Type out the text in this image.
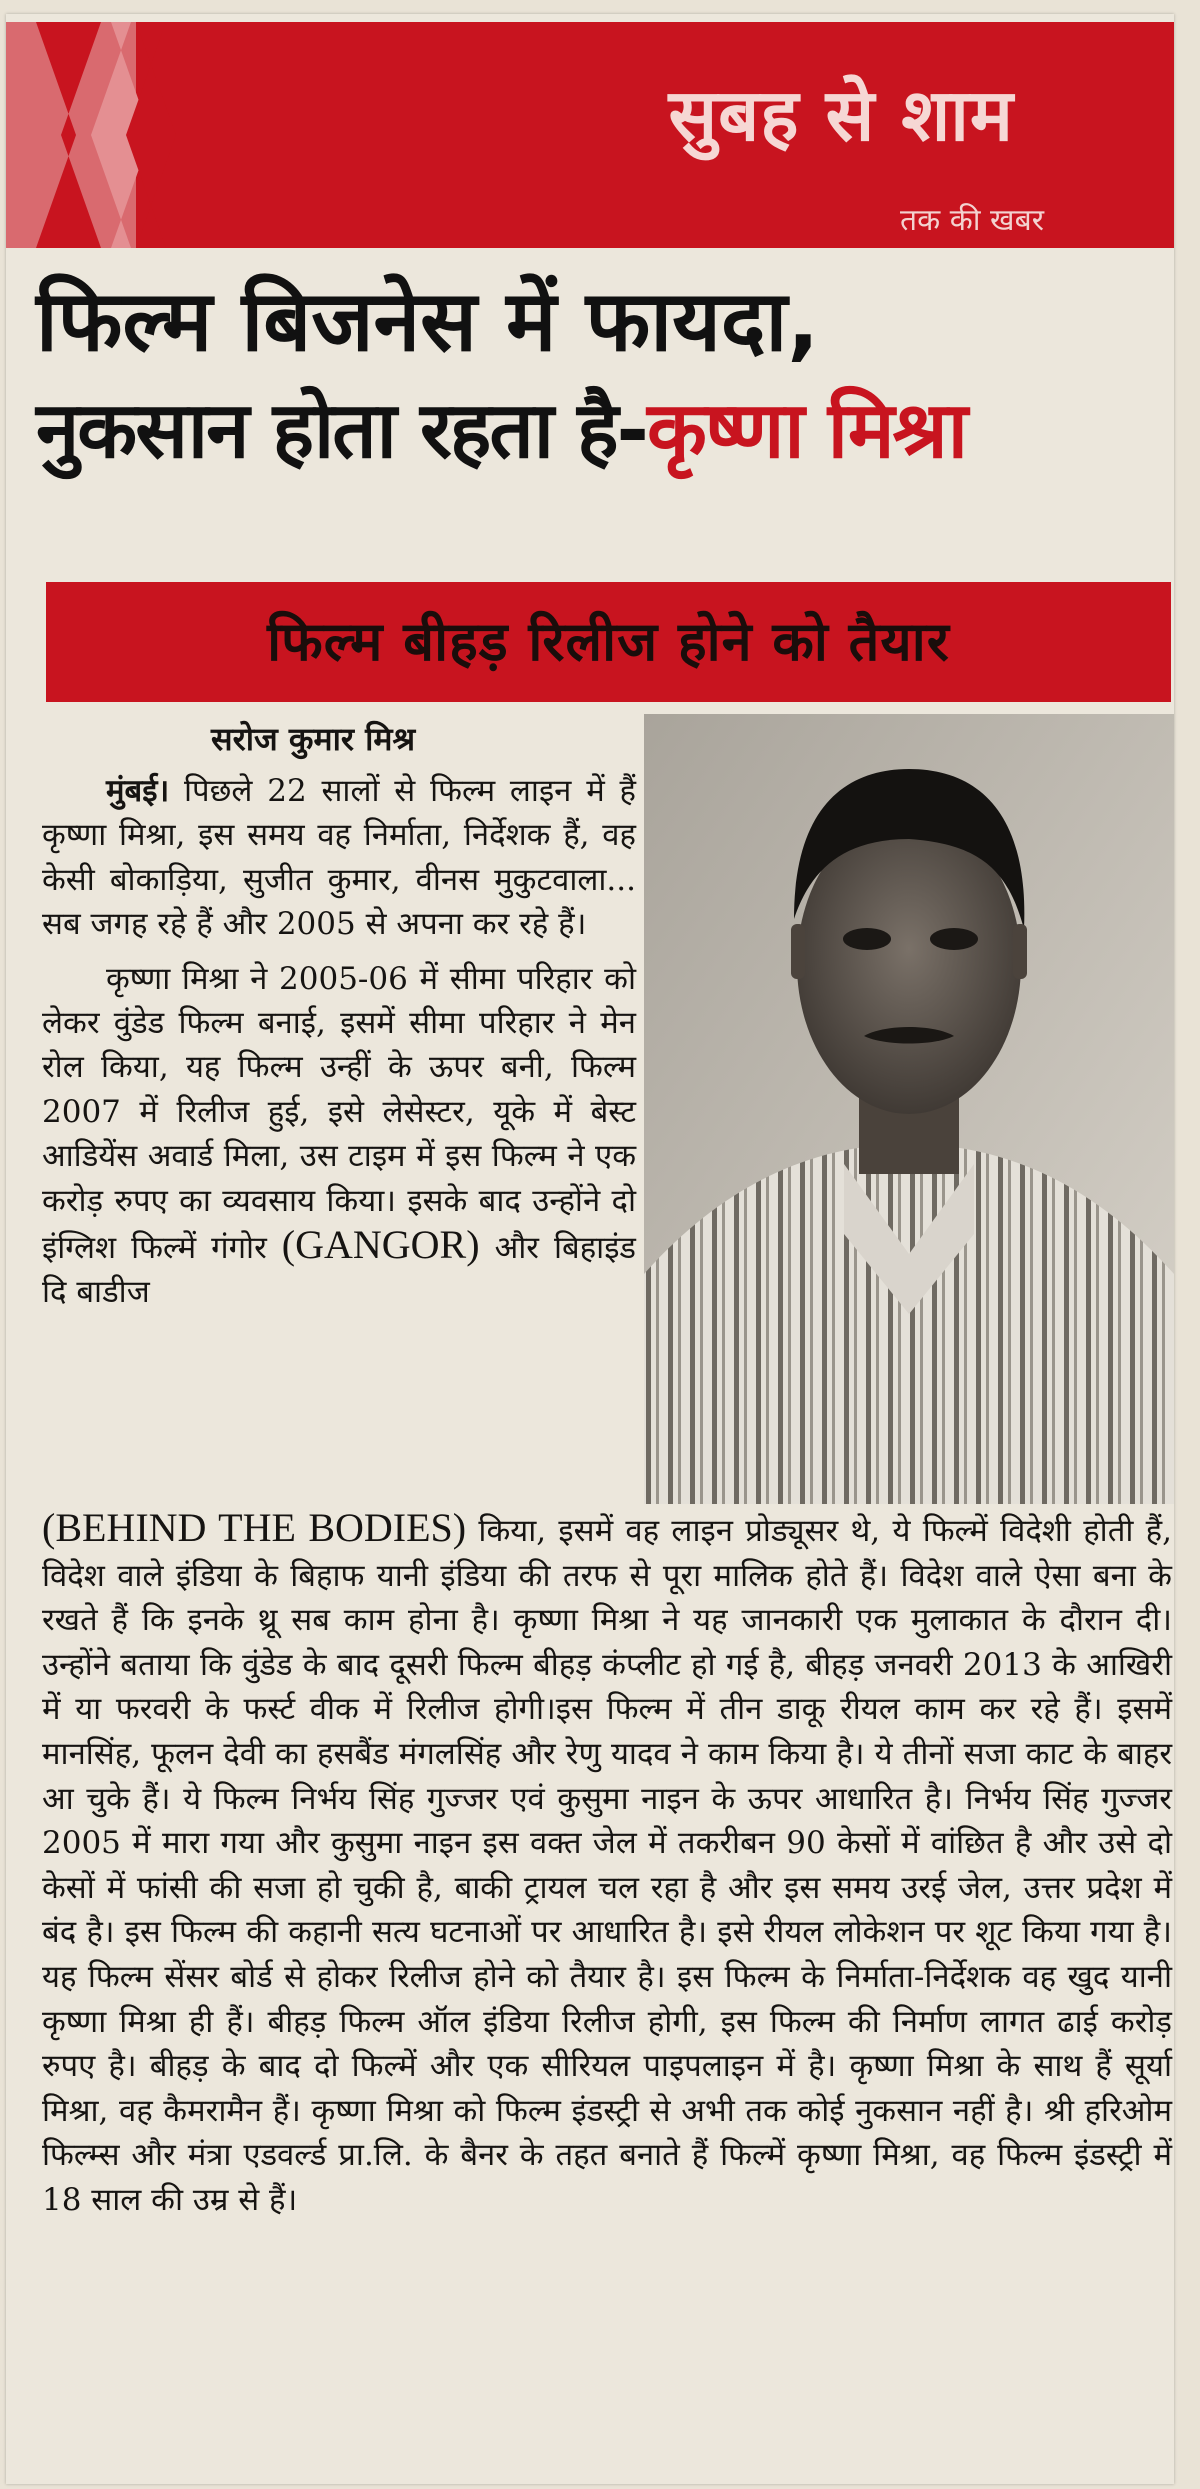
सुबह से शाम
तक की खबर
फिल्म बिजनेस में फायदा,
नुकसान होता रहता है-कृष्णा मिश्रा
फिल्म बीहड़ रिलीज होने को तैयार
सरोज कुमार मिश्र

मुंबई। पिछले 22 सालों से फिल्म लाइन में हैं कृष्णा मिश्रा, इस समय वह निर्माता, निर्देशक हैं, वह केसी बोकाड़िया, सुजीत कुमार, वीनस मुकुटवाला... सब जगह रहे हैं और 2005 से अपना कर रहे हैं।

कृष्णा मिश्रा ने 2005-06 में सीमा परिहार को लेकर वुंडेड फिल्म बनाई, इसमें सीमा परिहार ने मेन रोल किया, यह फिल्म उन्हीं के ऊपर बनी, फिल्म 2007 में रिलीज हुई, इसे लेसेस्टर, यूके में बेस्ट आडियेंस अवार्ड मिला, उस टाइम में इस फिल्म ने एक करोड़ रुपए का व्यवसाय किया। इसके बाद उन्होंने दो इंग्लिश फिल्में गंगोर (GANGOR) और बिहाइंड दि बाडीज

(BEHIND THE BODIES) किया, इसमें वह लाइन प्रोड्यूसर थे, ये फिल्में विदेशी होती हैं, विदेश वाले इंडिया के बिहाफ यानी इंडिया की तरफ से पूरा मालिक होते हैं। विदेश वाले ऐसा बना के रखते हैं कि इनके थ्रू सब काम होना है। कृष्णा मिश्रा ने यह जानकारी एक मुलाकात के दौरान दी। उन्होंने बताया कि वुंडेड के बाद दूसरी फिल्म बीहड़ कंप्लीट हो गई है, बीहड़ जनवरी 2013 के आखिरी में या फरवरी के फर्स्ट वीक में रिलीज होगी।इस फिल्म में तीन डाकू रीयल काम कर रहे हैं। इसमें मानसिंह, फूलन देवी का हसबैंड मंगलसिंह और रेणु यादव ने काम किया है। ये तीनों सजा काट के बाहर आ चुके हैं। ये फिल्म निर्भय सिंह गुज्जर एवं कुसुमा नाइन के ऊपर आधारित है। निर्भय सिंह गुज्जर 2005 में मारा गया और कुसुमा नाइन इस वक्त जेल में तकरीबन 90 केसों में वांछित है और उसे दो केसों में फांसी की सजा हो चुकी है, बाकी ट्रायल चल रहा है और इस समय उरई जेल, उत्तर प्रदेश में बंद है। इस फिल्म की कहानी सत्य घटनाओं पर आधारित है। इसे रीयल लोकेशन पर शूट किया गया है। यह फिल्म सेंसर बोर्ड से होकर रिलीज होने को तैयार है। इस फिल्म के निर्माता-निर्देशक वह खुद यानी कृष्णा मिश्रा ही हैं। बीहड़ फिल्म ऑल इंडिया रिलीज होगी, इस फिल्म की निर्माण लागत ढाई करोड़ रुपए है। बीहड़ के बाद दो फिल्में और एक सीरियल पाइपलाइन में है। कृष्णा मिश्रा के साथ हैं सूर्या मिश्रा, वह कैमरामैन हैं। कृष्णा मिश्रा को फिल्म इंडस्ट्री से अभी तक कोई नुकसान नहीं है। श्री हरिओम फिल्म्स और मंत्रा एडवर्ल्ड प्रा.लि. के बैनर के तहत बनाते हैं फिल्में कृष्णा मिश्रा, वह फिल्म इंडस्ट्री में 18 साल की उम्र से हैं।
